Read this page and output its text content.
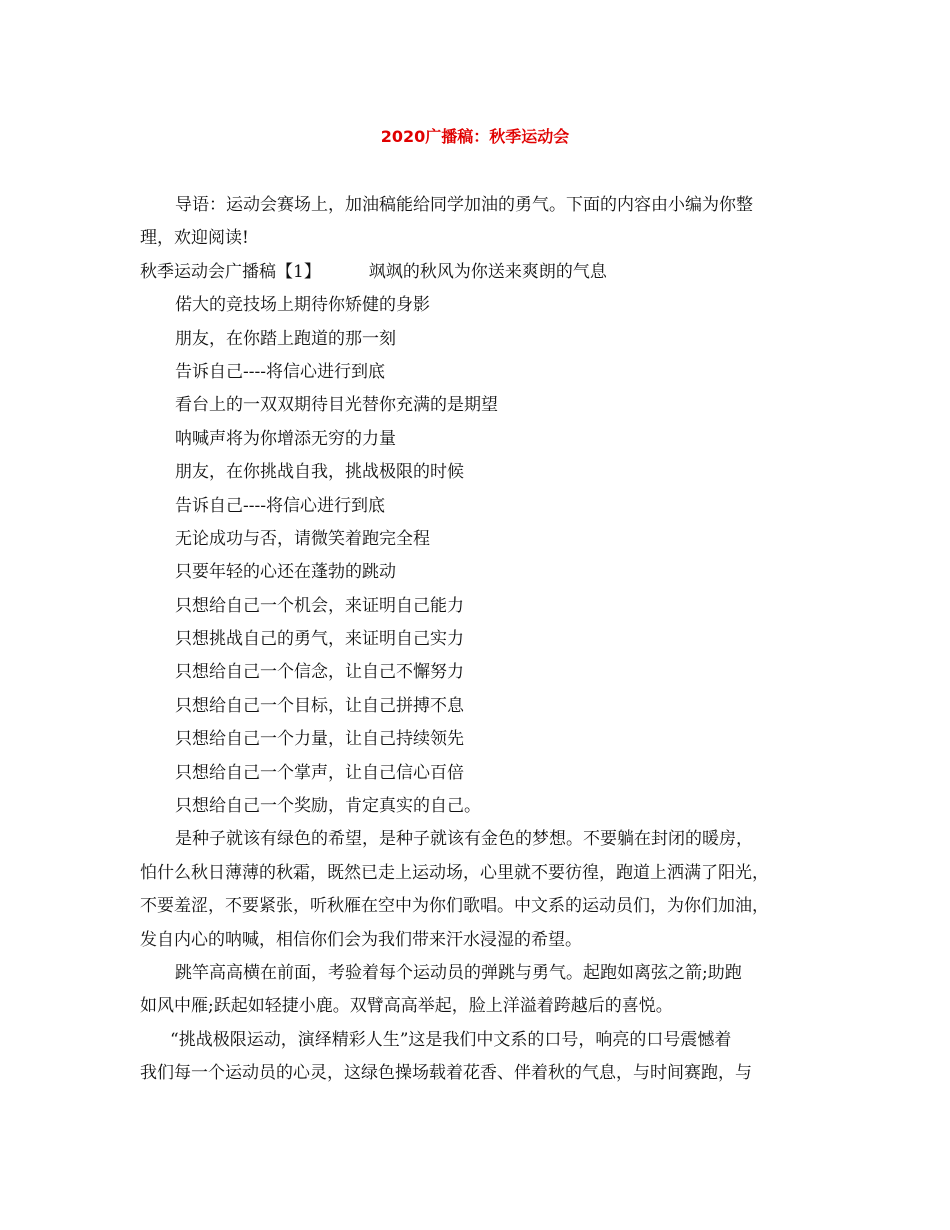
2020广播稿：秋季运动会
导语：运动会赛场上，加油稿能给同学加油的勇气。下面的内容由小编为你整
理，欢迎阅读!
秋季运动会广播稿【1】	飒飒的秋风为你送来爽朗的气息
偌大的竞技场上期待你矫健的身影
朋友，在你踏上跑道的那一刻
告诉自己----将信心进行到底
看台上的一双双期待目光替你充满的是期望
呐喊声将为你增添无穷的力量
朋友，在你挑战自我，挑战极限的时候
告诉自己----将信心进行到底
无论成功与否，请微笑着跑完全程
只要年轻的心还在蓬勃的跳动
只想给自己一个机会，来证明自己能力
只想挑战自己的勇气，来证明自己实力
只想给自己一个信念，让自己不懈努力
只想给自己一个目标，让自己拼搏不息
只想给自己一个力量，让自己持续领先
只想给自己一个掌声，让自己信心百倍
只想给自己一个奖励，肯定真实的自己。
是种子就该有绿色的希望，是种子就该有金色的梦想。不要躺在封闭的暖房，
怕什么秋日薄薄的秋霜，既然已走上运动场，心里就不要彷徨，跑道上洒满了阳光，
不要羞涩，不要紧张，听秋雁在空中为你们歌唱。中文系的运动员们，为你们加油，
发自内心的呐喊，相信你们会为我们带来汗水浸湿的希望。
跳竿高高横在前面，考验着每个运动员的弹跳与勇气。起跑如离弦之箭;助跑
如风中雁;跃起如轻捷小鹿。双臂高高举起，脸上洋溢着跨越后的喜悦。
“挑战极限运动，演绎精彩人生”这是我们中文系的口号，响亮的口号震憾着
我们每一个运动员的心灵，这绿色操场载着花香、伴着秋的气息，与时间赛跑，与
